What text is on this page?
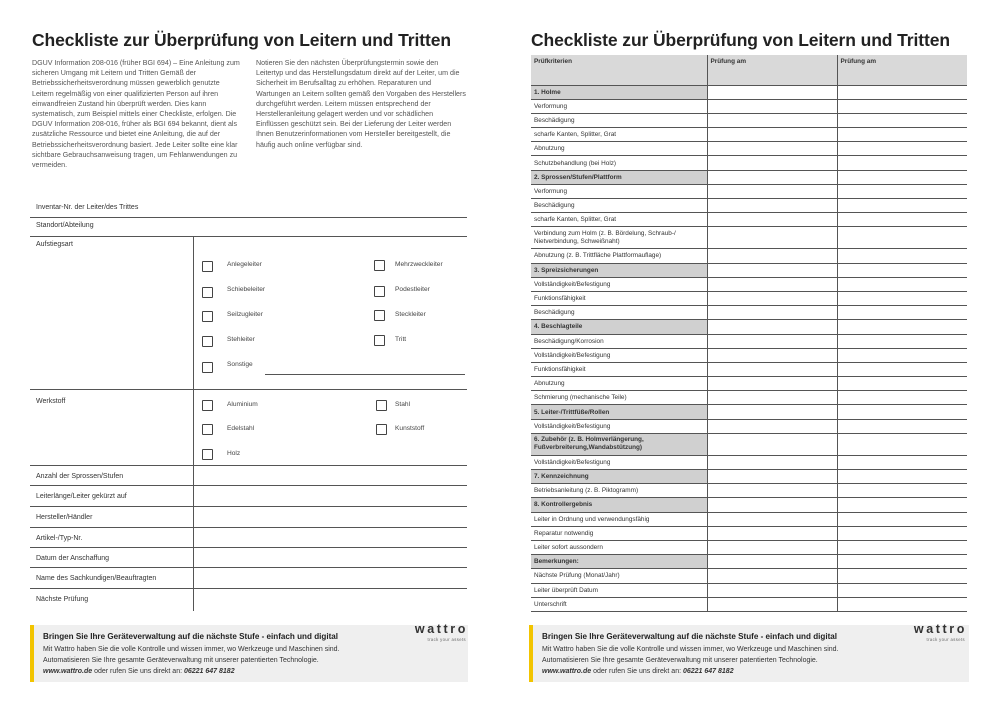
Checkliste zur Überprüfung von Leitern und Tritten
DGUV Information 208-016 (früher BGI 694) – Eine Anleitung zum sicheren Umgang mit Leitern und Tritten Gemäß der Betriebssicherheitsverordnung müssen gewerblich genutzte Leitern regelmäßig von einer qualifizierten Person auf ihren einwandfreien Zustand hin überprüft werden. Dies kann systematisch, zum Beispiel mittels einer Checkliste, erfolgen. Die DGUV Information 208-016, früher als BGI 694 bekannt, dient als zusätzliche Ressource und bietet eine Anleitung, die auf der Betriebssicherheitsverordnung basiert. Jede Leiter sollte eine klar sichtbare Gebrauchsanweisung tragen, um Fehlanwendungen zu vermeiden.
Notieren Sie den nächsten Überprüfungstermin sowie den Leitertyp und das Herstellungsdatum direkt auf der Leiter, um die Sicherheit im Berufsalltag zu erhöhen. Reparaturen und Wartungen an Leitern sollten gemäß den Vorgaben des Herstellers durchgeführt werden. Leitern müssen entsprechend der Herstelleranleitung gelagert werden und vor schädlichen Einflüssen geschützt sein. Bei der Lieferung der Leiter werden Ihnen Benutzerinformationen vom Hersteller bereitgestellt, die häufig auch online verfügbar sind.
Inventar-Nr. der Leiter/des Trittes
Standort/Abteilung
Aufstiegsart
Werkstoff
Anzahl der Sprossen/Stufen
Leiterlänge/Leiter gekürzt auf
Hersteller/Händler
Artikel-/Typ-Nr.
Datum der Anschaffung
Name des Sachkundigen/Beauftragten
Nächste Prüfung
Anlegeleiter
Schiebeleiter
Seilzugleiter
Stehleiter
Sonstige
Mehrzweckleiter
Podestleiter
Steckleiter
Tritt
Aluminium
Edelstahl
Holz
Stahl
Kunststoff
Bringen Sie Ihre Geräteverwaltung auf die nächste Stufe - einfach und digital
Mit Wattro haben Sie die volle Kontrolle und wissen immer, wo Werkzeuge und Maschinen sind.
Automatisieren Sie Ihre gesamte Geräteverwaltung mit unserer patentierten Technologie.
www.wattro.de oder rufen Sie uns direkt an: 06221 647 8182
wattro
track your assets
Checkliste zur Überprüfung von Leitern und Tritten
Prüfkriterien	Prüfung am	Prüfung am
1. Holme		
Verformung		
Beschädigung		
scharfe Kanten, Splitter, Grat		
Abnutzung		
Schutzbehandlung (bei Holz)		
2. Sprossen/Stufen/Plattform		
Verformung		
Beschädigung		
scharfe Kanten, Splitter, Grat		
Verbindung zum Holm (z. B. Bördelung, Schraub-/ Nietverbindung, Schweißnaht)		
Abnutzung (z. B. Trittfläche Plattformauflage)		
3. Spreizsicherungen		
Vollständigkeit/Befestigung		
Funktionsfähigkeit		
Beschädigung		
4. Beschlagteile		
Beschädigung/Korrosion		
Vollständigkeit/Befestigung		
Funktionsfähigkeit		
Abnutzung		
Schmierung (mechanische Teile)		
5. Leiter-/Trittfüße/Rollen		
Vollständigkeit/Befestigung		
6. Zubehör (z. B. Holmverlängerung, Fußverbreiterung,Wandabstützung)		
Vollständigkeit/Befestigung		
7. Kennzeichnung		
Betriebsanleitung (z. B. Piktogramm)		
8. Kontrollergebnis		
Leiter in Ordnung und verwendungsfähig		
Reparatur notwendig		
Leiter sofort aussondern		
Bemerkungen:		
Nächste Prüfung (Monat/Jahr)		
Leiter überprüft Datum		
Unterschrift		
Bringen Sie Ihre Geräteverwaltung auf die nächste Stufe - einfach und digital
Mit Wattro haben Sie die volle Kontrolle und wissen immer, wo Werkzeuge und Maschinen sind.
Automatisieren Sie Ihre gesamte Geräteverwaltung mit unserer patentierten Technologie.
www.wattro.de oder rufen Sie uns direkt an: 06221 647 8182
wattro
track your assets
